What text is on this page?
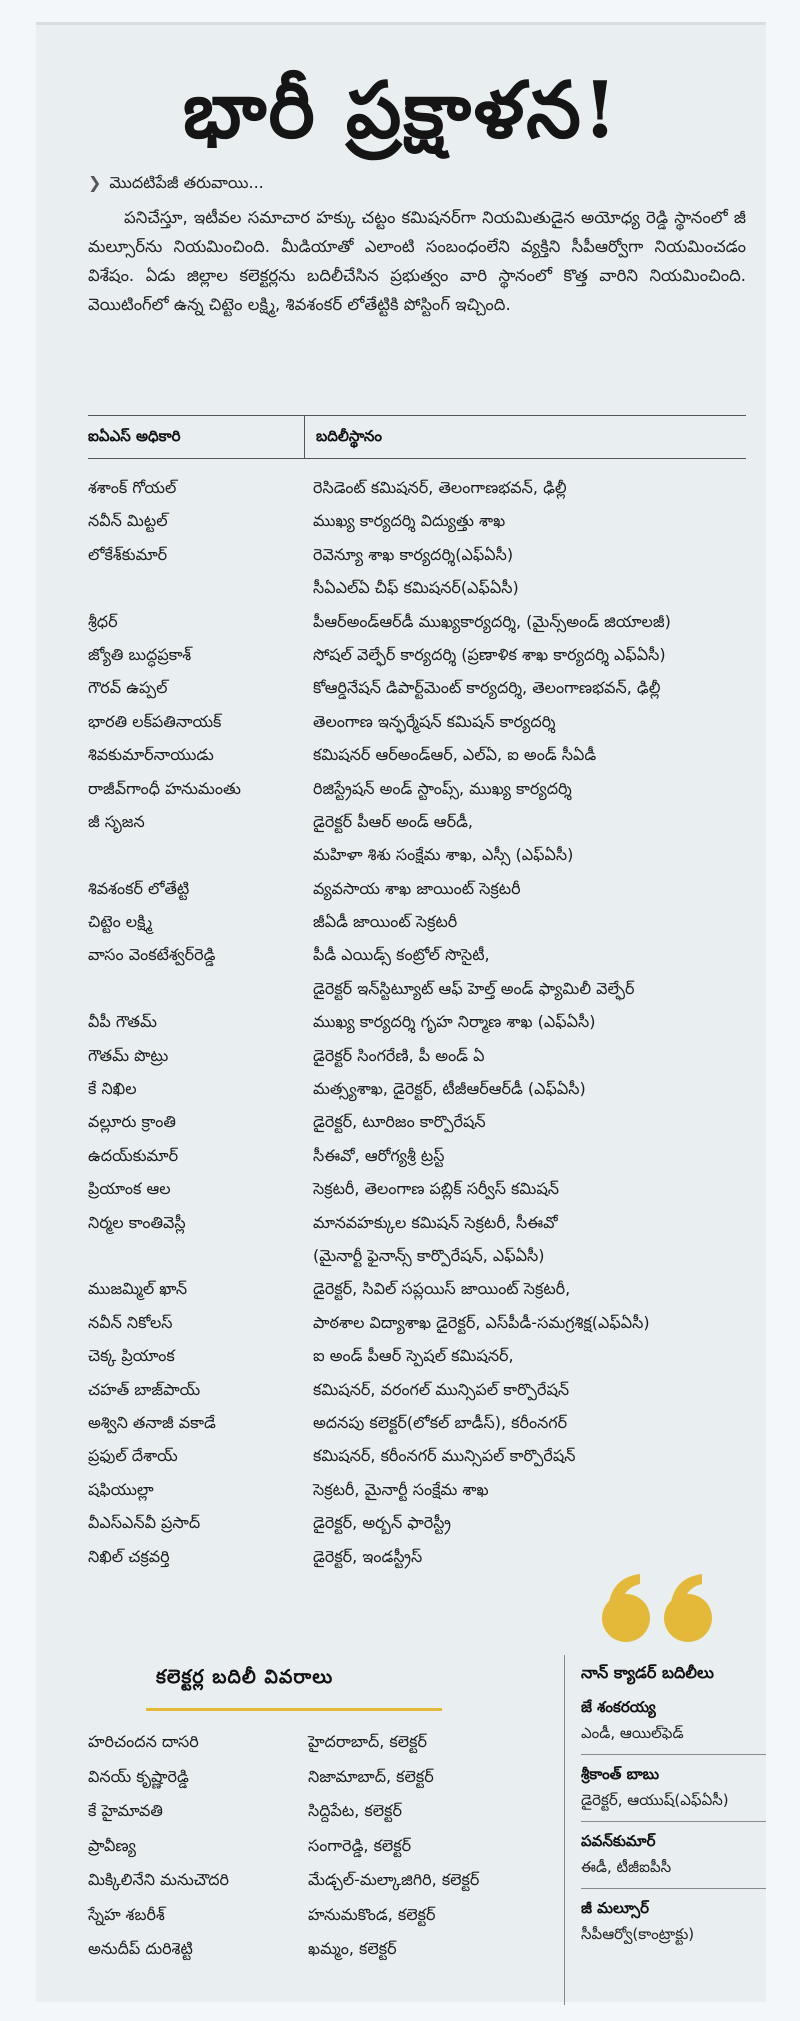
భారీ ప్రక్షాళన!
❯ మొదటిపేజీ తరువాయి...

పనిచేస్తూ, ఇటీవల సమాచార హక్కు చట్టం కమిషనర్‌గా నియమితుడైన అయోధ్య రెడ్డి స్థానంలో జీ మల్సూర్‌ను నియమించింది. మీడియాతో ఎలాంటి సంబంధంలేని వ్యక్తిని సీపీఆర్వోగా నియమించడం విశేషం. ఏడు జిల్లాల కలెక్టర్లను బదిలీచేసిన ప్రభుత్వం వారి స్థానంలో కొత్త వారిని నియమించింది. వెయిటింగ్‌లో ఉన్న చిట్టెం లక్ష్మి, శివశంకర్ లోతేట్టికి పోస్టింగ్ ఇచ్చింది.

ఐఏఎస్ అధికారి	బదిలీస్థానం
శశాంక్ గోయల్	రెసిడెంట్ కమిషనర్, తెలంగాణభవన్, ఢిల్లీ
నవీన్ మిట్టల్	ముఖ్య కార్యదర్శి విద్యుత్తు శాఖ
లోకేశ్‌కుమార్	రెవెన్యూ శాఖ కార్యదర్శి(ఎఫ్ఏసీ)
సీఏఎల్‌ఏ చీఫ్ కమిషనర్(ఎఫ్ఏసీ)
శ్రీధర్	పీఆర్అండ్‌ఆర్‌డీ ముఖ్యకార్యదర్శి, (మైన్స్‌అండ్ జియాలజీ)
జ్యోతి బుద్ధప్రకాశ్	సోషల్ వెల్ఫేర్ కార్యదర్శి (ప్రణాళిక శాఖ కార్యదర్శి ఎఫ్ఏసీ)
గౌరవ్ ఉప్పల్	కోఆర్డినేషన్ డిపార్ట్‌మెంట్ కార్యదర్శి, తెలంగాణభవన్, ఢిల్లీ
భారతి లక్‌పతినాయక్	తెలంగాణ ఇన్ఫర్మేషన్ కమిషన్ కార్యదర్శి
శివకుమార్‌నాయుడు	కమిషనర్ ఆర్అండ్ఆర్, ఎల్ఏ, ఐ అండ్ సీఏడీ
రాజీవ్‌గాంధీ హనుమంతు	రిజిస్ట్రేషన్ అండ్ స్టాంప్స్, ముఖ్య కార్యదర్శి
జీ సృజన	డైరెక్టర్ పీఆర్ అండ్ ఆర్‌డీ,
మహిళా శిశు సంక్షేమ శాఖ, ఎస్సీ (ఎఫ్ఏసీ)
శివశంకర్ లోతేట్టి	వ్యవసాయ శాఖ జాయింట్ సెక్రటరీ
చిట్టెం లక్ష్మి	జీఏడీ జాయింట్ సెక్రటరీ
వాసం వెంకటేశ్వర్‌రెడ్డి	పీడీ ఎయిడ్స్ కంట్రోల్ సొసైటీ,
డైరెక్టర్ ఇన్‌స్టిట్యూట్ ఆఫ్ హెల్త్ అండ్ ఫ్యామిలీ వెల్ఫేర్
వీపీ గౌతమ్	ముఖ్య కార్యదర్శి గృహ నిర్మాణ శాఖ (ఎఫ్ఏసీ)
గౌతమ్ పొట్రు	డైరెక్టర్ సింగరేణి, పీ అండ్ ఏ
కే నిఖిల	మత్స్యశాఖ, డైరెక్టర్, టీజీఆర్ఆర్‌డీ (ఎఫ్ఏసీ)
వల్లూరు క్రాంతి	డైరెక్టర్, టూరిజం కార్పొరేషన్
ఉదయ్‌కుమార్	సీఈవో, ఆరోగ్యశ్రీ ట్రస్ట్
ప్రియాంక ఆల	సెక్రటరీ, తెలంగాణ పబ్లిక్ సర్వీస్ కమిషన్
నిర్మల కాంతివెస్లీ	మానవహక్కుల కమిషన్ సెక్రటరీ, సీఈవో
(మైనార్టీ ఫైనాన్స్ కార్పొరేషన్, ఎఫ్ఏసీ)
ముజమ్మిల్ ఖాన్	డైరెక్టర్, సివిల్ సప్లయిస్ జాయింట్ సెక్రటరీ,
నవీన్ నికోలస్	పాఠశాల విద్యాశాఖ డైరెక్టర్, ఎస్‌పీడీ-సమగ్రశిక్ష(ఎఫ్ఏసీ)
చెక్క ప్రియాంక	ఐ అండ్ పీఆర్ స్పెషల్ కమిషనర్,
చహత్ బాజ్‌పాయ్	కమిషనర్, వరంగల్ మున్సిపల్ కార్పొరేషన్
అశ్విని తనాజీ వకాడే	అదనపు కలెక్టర్(లోకల్ బాడీస్), కరీంనగర్
ప్రఫుల్ దేశాయ్	కమిషనర్, కరీంనగర్ మున్సిపల్ కార్పొరేషన్
షఫియుల్లా	సెక్రటరీ, మైనార్టీ సంక్షేమ శాఖ
వీఎస్ఎన్‌వీ ప్రసాద్	డైరెక్టర్, అర్బన్ ఫారెస్ట్రీ
నిఖిల్ చక్రవర్తి	డైరెక్టర్, ఇండస్ట్రీస్
కలెక్టర్ల బదిలీ వివరాలు
హరిచందన దాసరి	హైదరాబాద్, కలెక్టర్
వినయ్ కృష్ణారెడ్డి	నిజామాబాద్, కలెక్టర్
కే హైమావతి	సిద్దిపేట, కలెక్టర్
ప్రావీణ్య	సంగారెడ్డి, కలెక్టర్
మిక్కిలినేని మనుచౌదరి	మేడ్చల్-మల్కాజిగిరి, కలెక్టర్
స్నేహ శబరీశ్	హనుమకొండ, కలెక్టర్
అనుదీప్ దురిశెట్టి	ఖమ్మం, కలెక్టర్
నాన్ క్యాడర్ బదిలీలు
జే శంకరయ్య
ఎండీ, ఆయిల్‌ఫెడ్
శ్రీకాంత్ బాబు
డైరెక్టర్, ఆయుష్(ఎఫ్ఏసీ)
పవన్‌కుమార్
ఈడీ, టీజీఐపీసీ
జీ మల్సూర్
సీపీఆర్వో(కాంట్రాక్టు)
